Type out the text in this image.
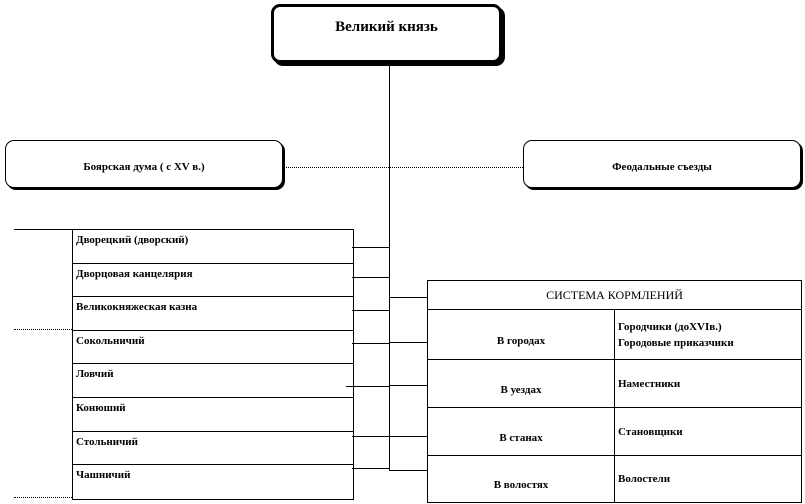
Великий князь
Боярская дума ( с XV в.)	Феодальные съезды
Дворецкий (дворский)
Дворцовая канцелярия
Великокняжеская казна
Сокольничий
Ловчий
Конюший
Стольничий
Чашничий
СИСТЕМА КОРМЛЕНИЙ	
В городах	Городчики (доXVIв.)
Городовые приказчики

В уездах	Наместники

В станах	Становщики

В волостях	Волостели
